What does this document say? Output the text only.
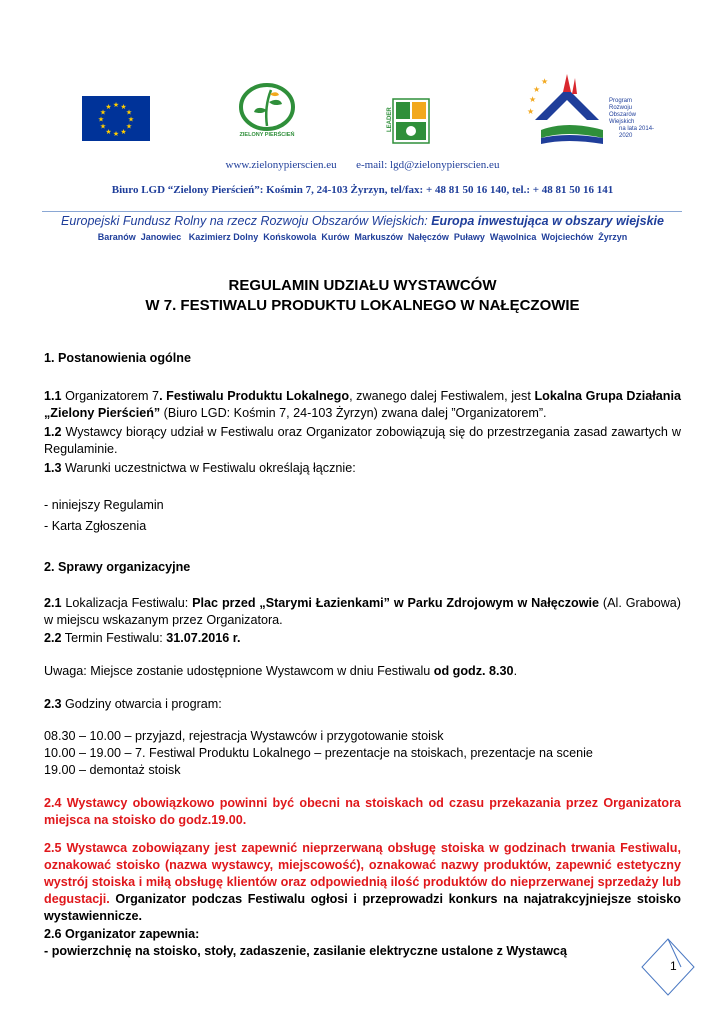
★ ★
★
★
★
★
★
★
★
★
★
★
ZIELONY PIERŚCIEŃ
LEADER
★
★
★
★
Program
Rozwoju
Obszarów
Wiejskich
na lata 2014-2020
www.zielonypierscien.eu e-mail: lgd@zielonypierscien.eu
Biuro LGD “Zielony Pierścień”: Kośmin 7, 24-103 Żyrzyn, tel/fax: + 48 81 50 16 140, tel.: + 48 81 50 16 141
Europejski Fundusz Rolny na rzecz Rozwoju Obszarów Wiejskich: Europa inwestująca w obszary wiejskie
Baranów  Janowiec   Kazimierz Dolny  Końskowola  Kurów  Markuszów  Nałęczów  Puławy  Wąwolnica  Wojciechów  Żyrzyn
REGULAMIN UDZIAŁU WYSTAWCÓW
W 7. FESTIWALU PRODUKTU LOKALNEGO W NAŁĘCZOWIE
1. Postanowienia ogólne
1.1 Organizatorem 7. Festiwalu Produktu Lokalnego, zwanego dalej Festiwalem, jest Lokalna Grupa Działania „Zielony Pierścień” (Biuro LGD: Kośmin 7, 24-103 Żyrzyn) zwana dalej ”Organizatorem”.
1.2 Wystawcy biorący udział w Festiwalu oraz Organizator zobowiązują się do przestrzegania zasad zawartych w Regulaminie.
1.3 Warunki uczestnictwa w Festiwalu określają łącznie:
- niniejszy Regulamin
- Karta Zgłoszenia
2. Sprawy organizacyjne
2.1 Lokalizacja Festiwalu: Plac przed „Starymi Łazienkami” w Parku Zdrojowym w Nałęczowie (Al. Grabowa) w miejscu wskazanym przez Organizatora.
2.2 Termin Festiwalu: 31.07.2016 r.
Uwaga: Miejsce zostanie udostępnione Wystawcom w dniu Festiwalu od godz. 8.30.
2.3 Godziny otwarcia i program:
08.30 – 10.00 – przyjazd, rejestracja Wystawców i przygotowanie stoisk
10.00 – 19.00 – 7. Festiwal Produktu Lokalnego – prezentacje na stoiskach, prezentacje na scenie
19.00 – demontaż stoisk
2.4 Wystawcy obowiązkowo powinni być obecni na stoiskach od czasu przekazania przez Organizatora miejsca na stoisko do godz.19.00.
2.5 Wystawca zobowiązany jest zapewnić nieprzerwaną obsługę stoiska w godzinach trwania Festiwalu, oznakować stoisko (nazwa wystawcy, miejscowość), oznakować nazwy produktów, zapewnić estetyczny wystrój stoiska i miłą obsługę klientów oraz odpowiednią ilość produktów do nieprzerwanej sprzedaży lub degustacji. Organizator podczas Festiwalu ogłosi i przeprowadzi konkurs na najatrakcyjniejsze stoisko wystawiennicze.
2.6 Organizator zapewnia:
- powierzchnię na stoisko, stoły, zadaszenie, zasilanie elektryczne ustalone z Wystawcą
1
